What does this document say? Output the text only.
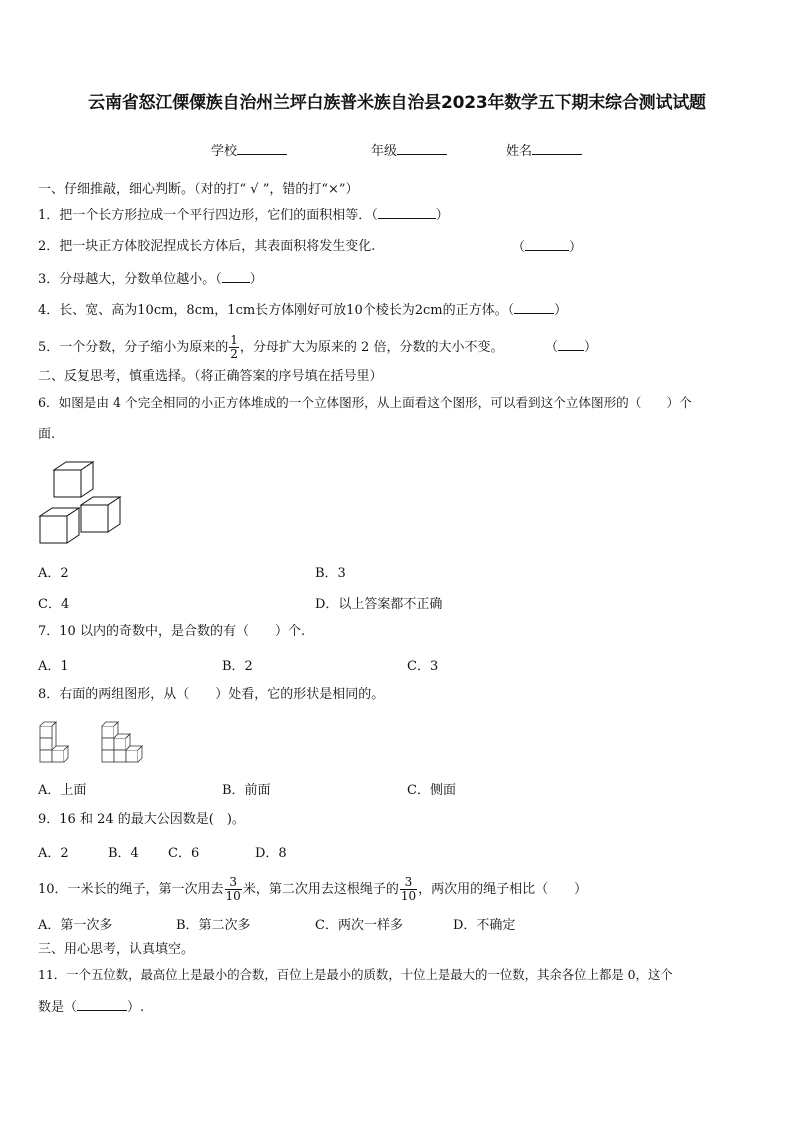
云南省怒江傈僳族自治州兰坪白族普米族自治县2023年数学五下期末综合测试试题
学校	年级	姓名
一、仔细推敲，细心判断。（对的打“ √ ”，错的打“×”）
1．把一个长方形拉成一个平行四边形，它们的面积相等．（	）
2．把一块正方体胶泥捏成长方体后，其表面积将发生变化.	（	）
3．分母越大，分数单位越小。（ ）
4．长、宽、高为10cm，8cm，1cm长方体刚好可放10个棱长为2cm的正方体。（	）
5．一个分数，分子缩小为原来的 $\frac{1}{2}$ ，分母扩大为原来的 2 倍，分数的大小不变。	（ ）
二、反复思考，慎重选择。（将正确答案的序号填在括号里）
6．如图是由 4 个完全相同的小正方体堆成的一个立体图形，从上面看这个图形，可以看到这个立体图形的（　　）个
面.
A．2	B．3
C．4	D．以上答案都不正确
7．10 以内的奇数中，是合数的有（　　）个.
A．1	B．2	C．3
8．右面的两组图形，从（　　）处看，它的形状是相同的。
A．上面	B．前面	C．侧面
9．16 和 24 的最大公因数是(　)。
A．2	B．4 C．6	D．8
10．一米长的绳子，第一次用去 $\frac{3}{10}$ 米，第二次用去这根绳子的 $\frac{3}{10}$ ，两次用的绳子相比（　　）
A．第一次多	B．第二次多	C．两次一样多	D．不确定
三、用心思考，认真填空。
11．一个五位数，最高位上是最小的合数，百位上是最小的质数，十位上是最大的一位数，其余各位上都是 0，这个
数是（	）.
